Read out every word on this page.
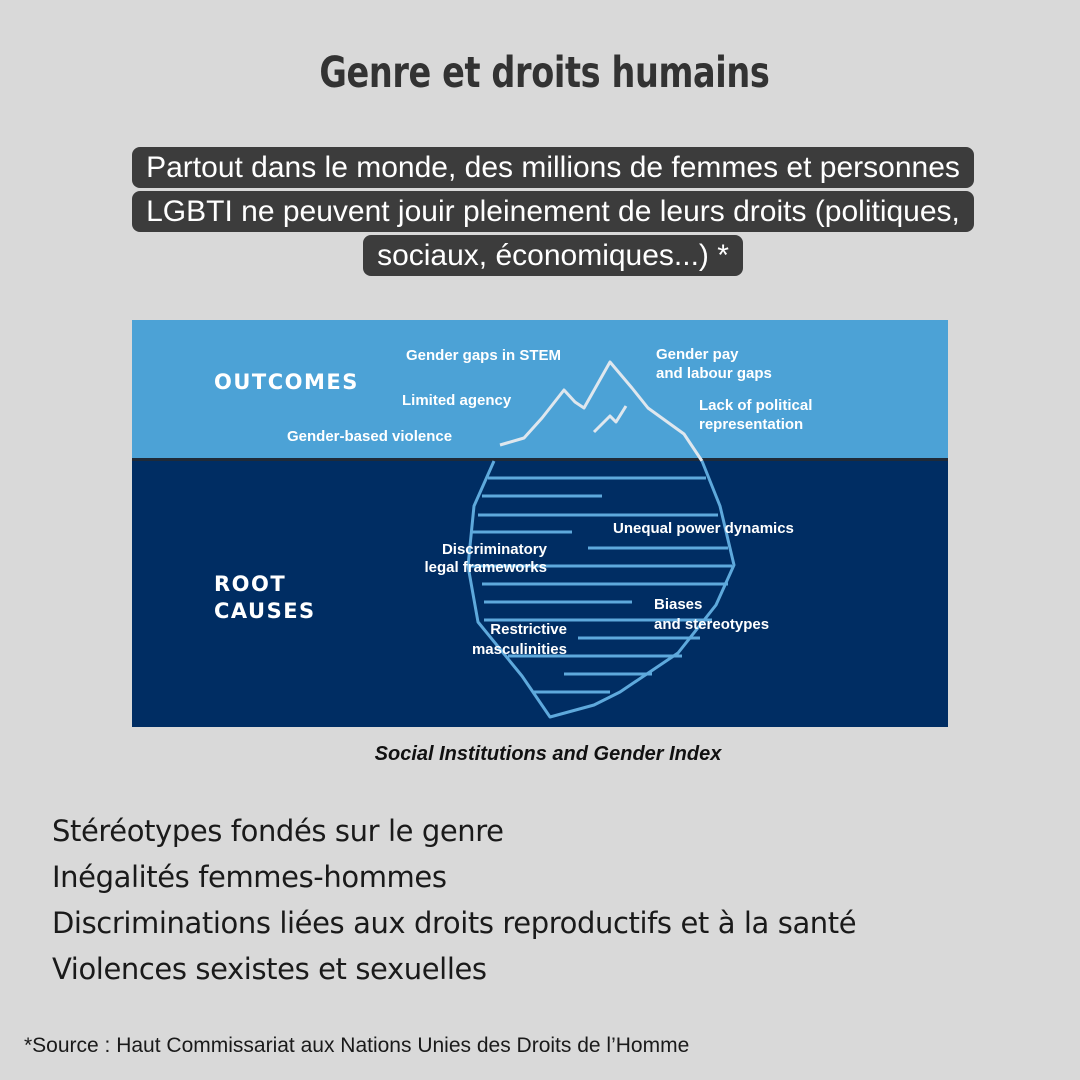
Genre et droits humains
Partout dans le monde, des millions de femmes et personnes
LGBTI ne peuvent jouir pleinement de leurs droits (politiques,
sociaux, économiques...) *
OUTCOMES
ROOT
CAUSES
Gender gaps in STEM	Gender pay
and labour gaps
Limited agency	Lack of political
representation
Gender-based violence
Unequal power dynamics
Discriminatory
legal frameworks
Biases
and stereotypes
Restrictive
masculinities
Social Institutions and Gender Index
Stéréotypes fondés sur le genre
Inégalités femmes-hommes
Discriminations liées aux droits reproductifs et à la santé
Violences sexistes et sexuelles
*Source : Haut Commissariat aux Nations Unies des Droits de l’Homme
